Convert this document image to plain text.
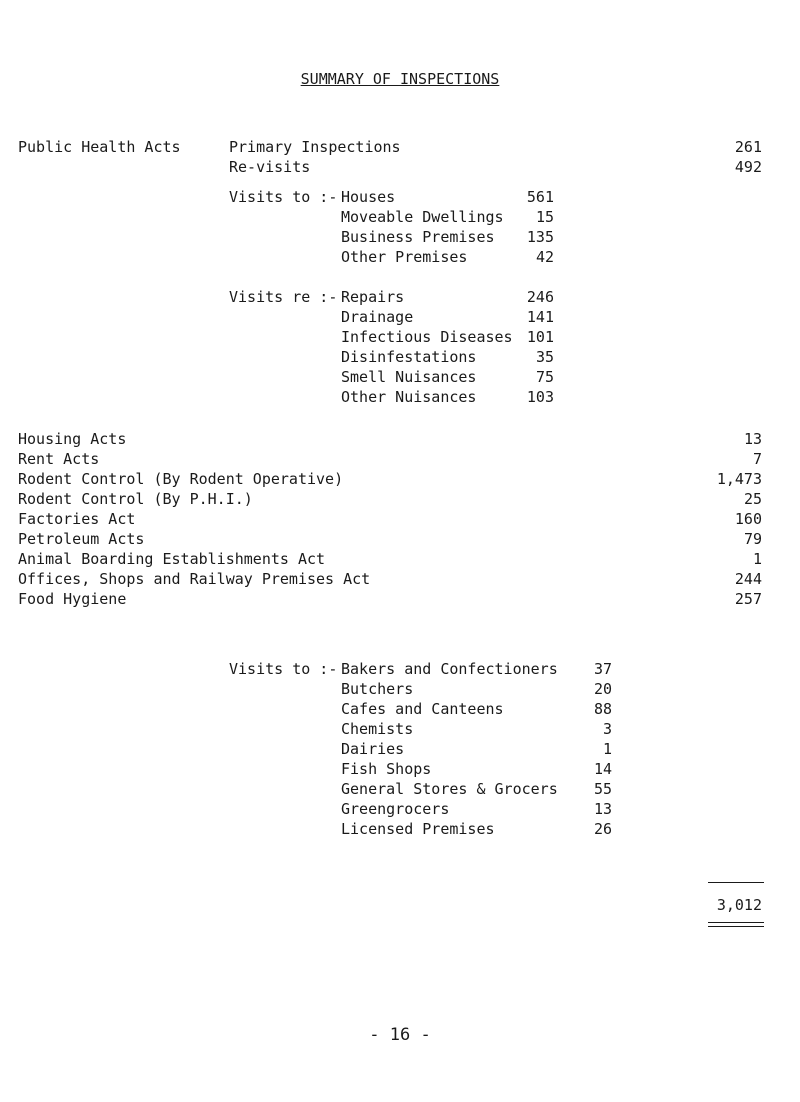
SUMMARY OF INSPECTIONS
Public Health Acts	Primary Inspections	261
Re-visits	492
Visits to :- Houses	561
Moveable Dwellings	15
Business Premises	135
Other Premises	42
Visits re :- Repairs	246
Drainage	141
Infectious Diseases 101
Disinfestations	35
Smell Nuisances	75
Other Nuisances	103
Housing Acts	13
Rent Acts	7
Rodent Control (By Rodent Operative)	1,473
Rodent Control (By P.H.I.)	25
Factories Act	160
Petroleum Acts	79
Animal Boarding Establishments Act	1
Offices, Shops and Railway Premises Act	244
Food Hygiene	257
Visits to :- Bakers and Confectioners	37
Butchers	20
Cafes and Canteens	88
Chemists	3
Dairies	1
Fish Shops	14
General Stores & Grocers	55
Greengrocers	13
Licensed Premises	26
3,012
- 16 -
